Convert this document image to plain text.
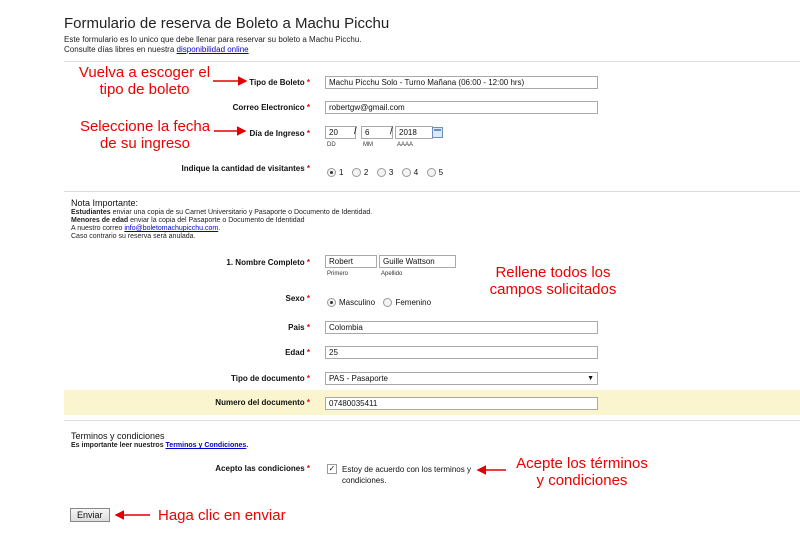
Formulario de reserva de Boleto a Machu Picchu
Este formulario es lo unico que debe llenar para reservar su boleto a Machu Picchu.
Consulte días libres en nuestra disponibilidad online
Tipo de Boleto *	Machu Picchu Solo - Turno Mañana (06:00 - 12:00 hrs)
Correo Electronico *	robertgw@gmail.com
Día de Ingreso *	20	/	6	/ 2018
DD	MM	AAAA
Indique la cantidad de visitantes *	1	2	3	4	5
Nota Importante:
Estudiantes enviar una copia de su Carnet Universitario y Pasaporte o Documento de Identidad.
Menores de edad enviar la copia del Pasaporte o Documento de Identidad
A nuestro correo info@boletomachupicchu.com.
Caso contrario su reserva será anulada.
1. Nombre Completo *	Robert	Guille Wattson
Primero	Apellido
Sexo *	Masculino	Femenino
Pais *	Colombia
Edad *	25
Tipo de documento *	PAS - Pasaporte	▼
Numero del documento *	07480035411
Terminos y condiciones
Es importante leer nuestros Terminos y Condiciones.
Acepto las condiciones * ✓ Estoy de acuerdo con los terminos y
condiciones.
Enviar
Vuelva a escoger el
tipo de boleto
Seleccione la fecha
de su ingreso
Rellene todos los
campos solicitados
Acepte los términos
y condiciones
Haga clic en enviar
